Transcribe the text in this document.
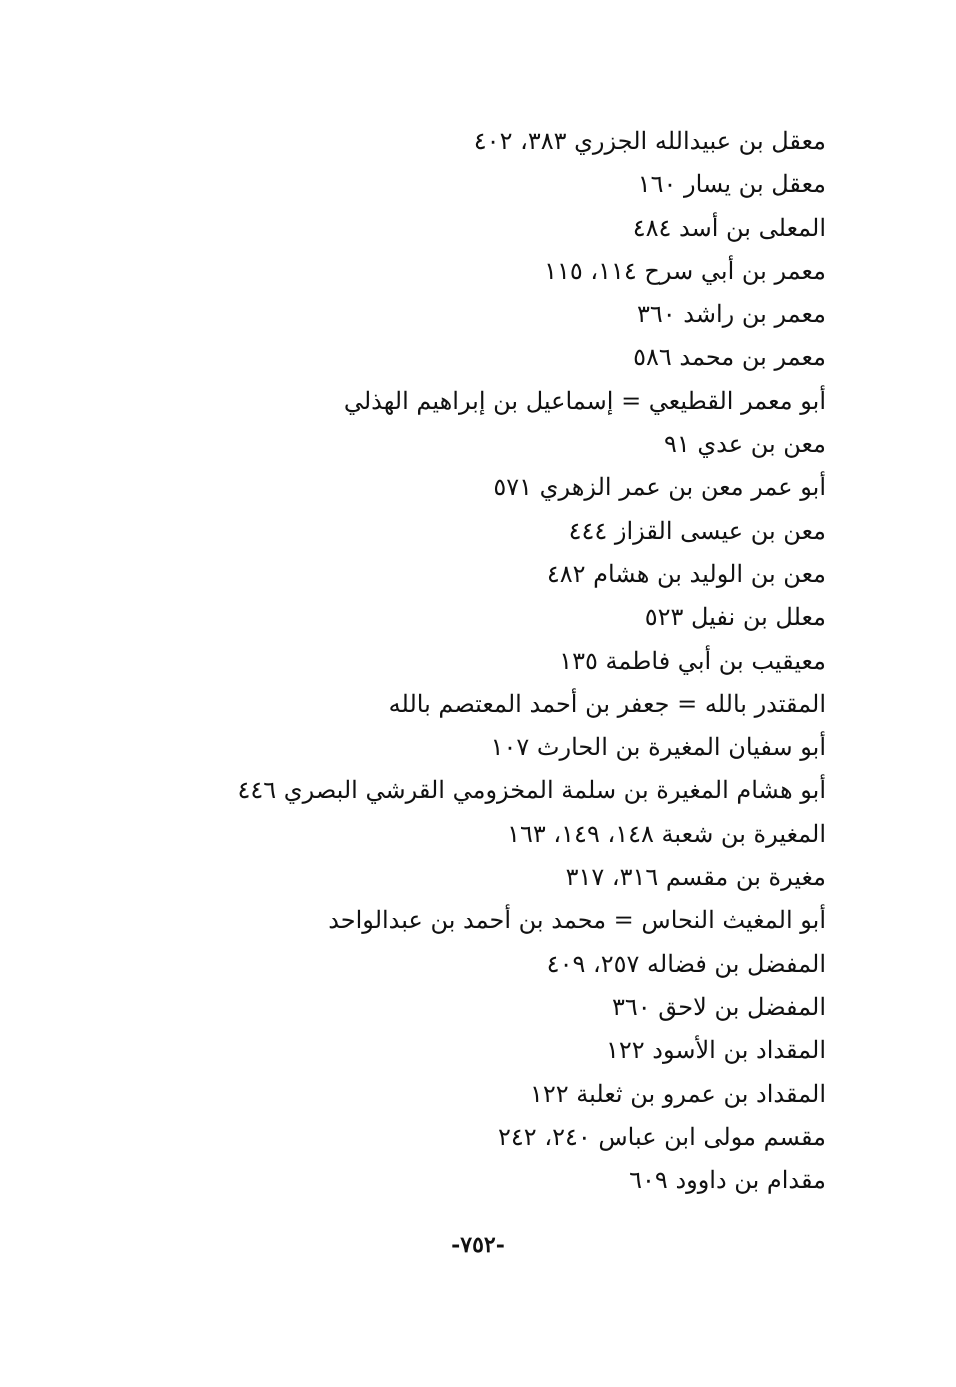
معقل بن عبيدالله الجزري ٣٨٣، ٤٠٢
معقل بن يسار ١٦٠
المعلى بن أسد ٤٨٤
معمر بن أبي سرح ١١٤، ١١٥
معمر بن راشد ٣٦٠
معمر بن محمد ٥٨٦
أبو معمر القطيعي = إسماعيل بن إبراهيم الهذلي
معن بن عدي ٩١
أبو عمر معن بن عمر الزهري ٥٧١
معن بن عيسى القزاز ٤٤٤
معن بن الوليد بن هشام ٤٨٢
معلل بن نفيل ٥٢٣
معيقيب بن أبي فاطمة ١٣٥
المقتدر بالله = جعفر بن أحمد المعتصم بالله
أبو سفيان المغيرة بن الحارث ١٠٧
أبو هشام المغيرة بن سلمة المخزومي القرشي البصري ٤٤٦
المغيرة بن شعبة ١٤٨، ١٤٩، ١٦٣
مغيرة بن مقسم ٣١٦، ٣١٧
أبو المغيث النحاس = محمد بن أحمد بن عبدالواحد
المفضل بن فضاله ٢٥٧، ٤٠٩
المفضل بن لاحق ٣٦٠
المقداد بن الأسود ١٢٢
المقداد بن عمرو بن ثعلبة ١٢٢
مقسم مولى ابن عباس ٢٤٠، ٢٤٢
مقدام بن داوود ٦٠٩
-٧٥٢-
